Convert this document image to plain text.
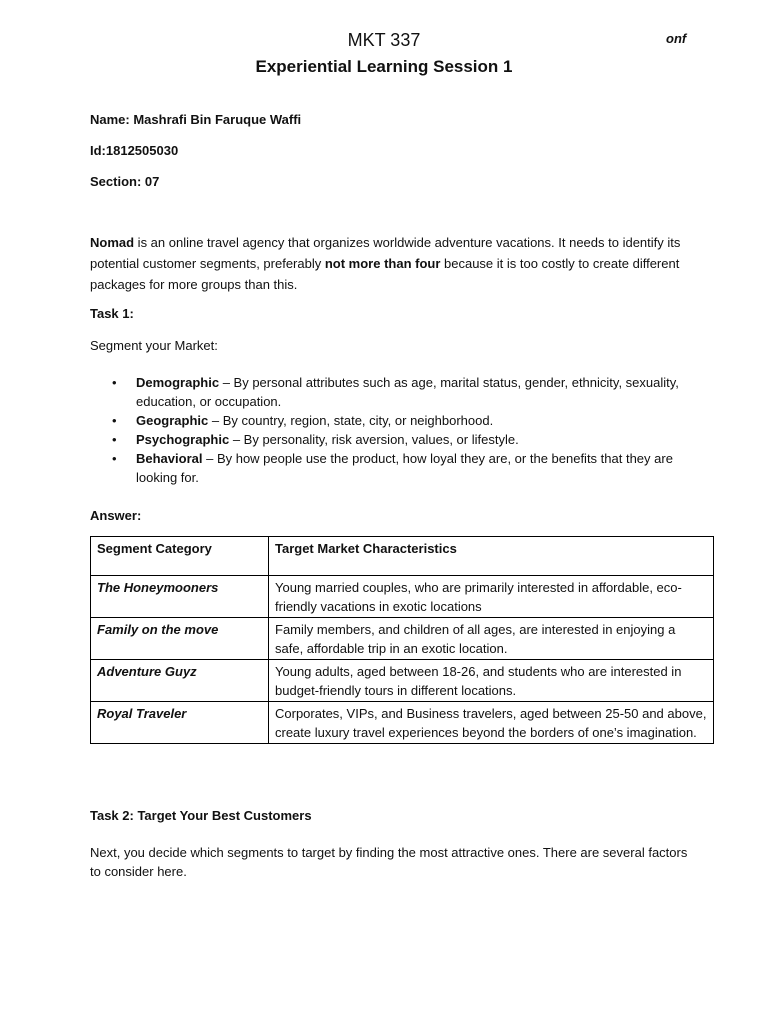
MKT 337
Experiential Learning Session 1
onf
Name: Mashrafi Bin Faruque Waffi
Id:1812505030
Section: 07
Nomad is an online travel agency that organizes worldwide adventure vacations. It needs to identify its potential customer segments, preferably not more than four because it is too costly to create different packages for more groups than this.
Task 1:
Segment your Market:
• Demographic – By personal attributes such as age, marital status, gender, ethnicity, sexuality, education, or occupation.
• Geographic – By country, region, state, city, or neighborhood.
• Psychographic – By personality, risk aversion, values, or lifestyle.
• Behavioral – By how people use the product, how loyal they are, or the benefits that they are looking for.
Answer:
Segment Category	Target Market Characteristics
The Honeymooners	Young married couples, who are primarily interested in affordable, eco-friendly vacations in exotic locations
Family on the move	Family members, and children of all ages, are interested in enjoying a safe, affordable trip in an exotic location.
Adventure Guyz	Young adults, aged between 18-26, and students who are interested in budget-friendly tours in different locations.
Royal Traveler	Corporates, VIPs, and Business travelers, aged between 25-50 and above, create luxury travel experiences beyond the borders of one’s imagination.
Task 2: Target Your Best Customers
Next, you decide which segments to target by finding the most attractive ones. There are several factors to consider here.
